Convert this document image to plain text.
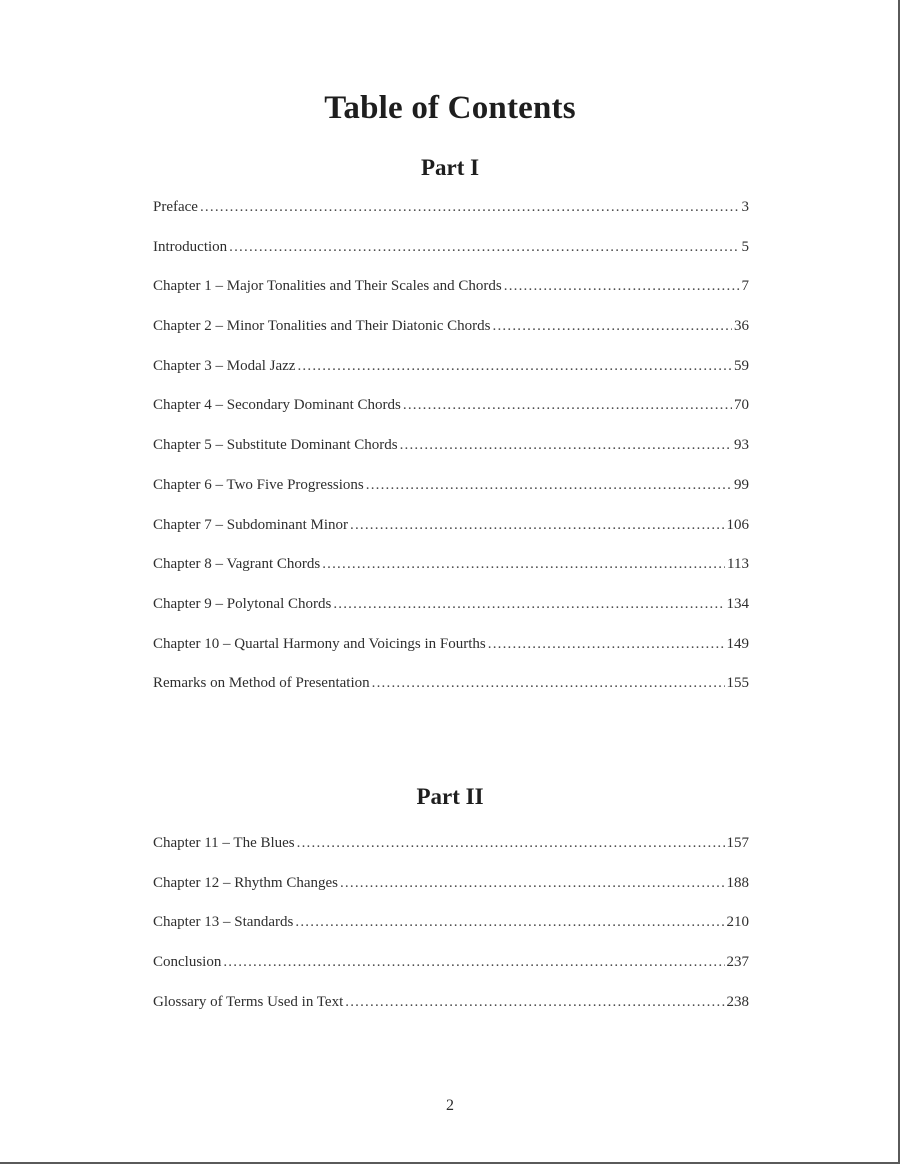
Table of Contents
Part I
Preface .....	3
Introduction .....	5
Chapter 1 – Major Tonalities and Their Scales and Chords .....	7
Chapter 2 – Minor Tonalities and Their Diatonic Chords .....	36
Chapter 3 – Modal Jazz .....	59
Chapter 4 – Secondary Dominant Chords .....	70
Chapter 5 – Substitute Dominant Chords .....	93
Chapter 6 – Two Five Progressions .....	99
Chapter 7 – Subdominant Minor .....	106
Chapter 8 – Vagrant Chords .....	113
Chapter 9 – Polytonal Chords .....	134
Chapter 10 – Quartal Harmony and Voicings in Fourths .....	149
Remarks on Method of Presentation .....	155
Part II
Chapter 11 – The Blues .....	157
Chapter 12 – Rhythm Changes .....	188
Chapter 13 – Standards .....	210
Conclusion .....	237
Glossary of Terms Used in Text .....	238
2
